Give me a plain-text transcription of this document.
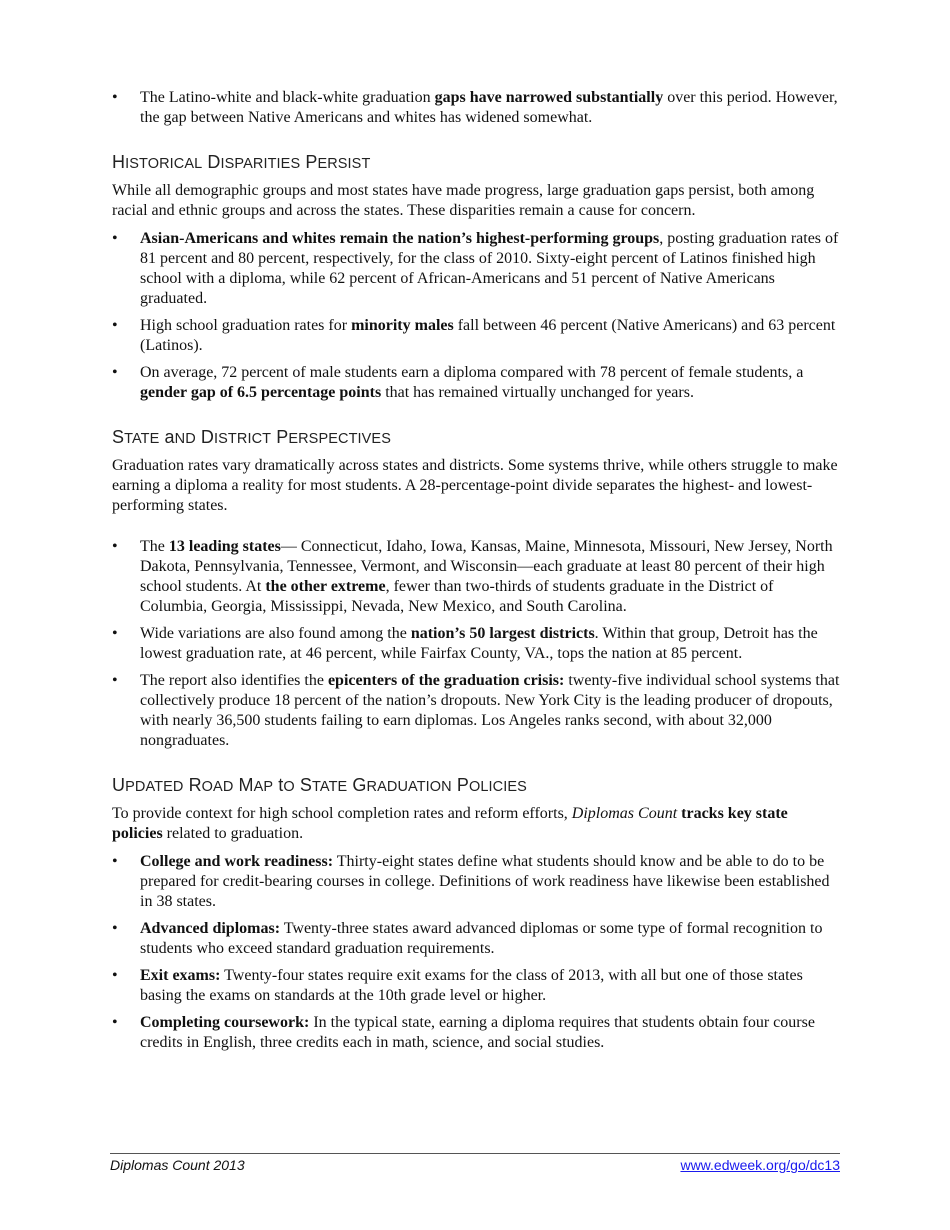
• The Latino-white and black-white graduation gaps have narrowed substantially over this period. However, the gap between Native Americans and whites has widened somewhat.
HISTORICAL DISPARITIES PERSIST

While all demographic groups and most states have made progress, large graduation gaps persist, both among racial and ethnic groups and across the states. These disparities remain a cause for concern.

• Asian-Americans and whites remain the nation’s highest-performing groups, posting graduation rates of 81 percent and 80 percent, respectively, for the class of 2010. Sixty-eight percent of Latinos finished high school with a diploma, while 62 percent of African-Americans and 51 percent of Native Americans graduated.
• High school graduation rates for minority males fall between 46 percent (Native Americans) and 63 percent (Latinos).
• On average, 72 percent of male students earn a diploma compared with 78 percent of female students, a gender gap of 6.5 percentage points that has remained virtually unchanged for years.
STATE aND DISTRICT PERSPECTIVES

Graduation rates vary dramatically across states and districts. Some systems thrive, while others struggle to make earning a diploma a reality for most students. A 28-percentage-point divide separates the highest- and lowest-performing states.

• The 13 leading states— Connecticut, Idaho, Iowa, Kansas, Maine, Minnesota, Missouri, New Jersey, North Dakota, Pennsylvania, Tennessee, Vermont, and Wisconsin—each graduate at least 80 percent of their high school students. At the other extreme, fewer than two-thirds of students graduate in the District of Columbia, Georgia, Mississippi, Nevada, New Mexico, and South Carolina.
• Wide variations are also found among the nation’s 50 largest districts. Within that group, Detroit has the lowest graduation rate, at 46 percent, while Fairfax County, VA., tops the nation at 85 percent.
• The report also identifies the epicenters of the graduation crisis: twenty-five individual school systems that collectively produce 18 percent of the nation’s dropouts. New York City is the leading producer of dropouts, with nearly 36,500 students failing to earn diplomas. Los Angeles ranks second, with about 32,000 nongraduates.
UPDATED ROAD MAP tO STATE GRADUATION POLICIES

To provide context for high school completion rates and reform efforts, Diplomas Count tracks key state policies related to graduation.

• College and work readiness: Thirty-eight states define what students should know and be able to do to be prepared for credit-bearing courses in college. Definitions of work readiness have likewise been established in 38 states.
• Advanced diplomas: Twenty-three states award advanced diplomas or some type of formal recognition to students who exceed standard graduation requirements.
• Exit exams: Twenty-four states require exit exams for the class of 2013, with all but one of those states basing the exams on standards at the 10th grade level or higher.
• Completing coursework: In the typical state, earning a diploma requires that students obtain four course credits in English, three credits each in math, science, and social studies.
Diplomas Count 2013	www.edweek.org/go/dc13
